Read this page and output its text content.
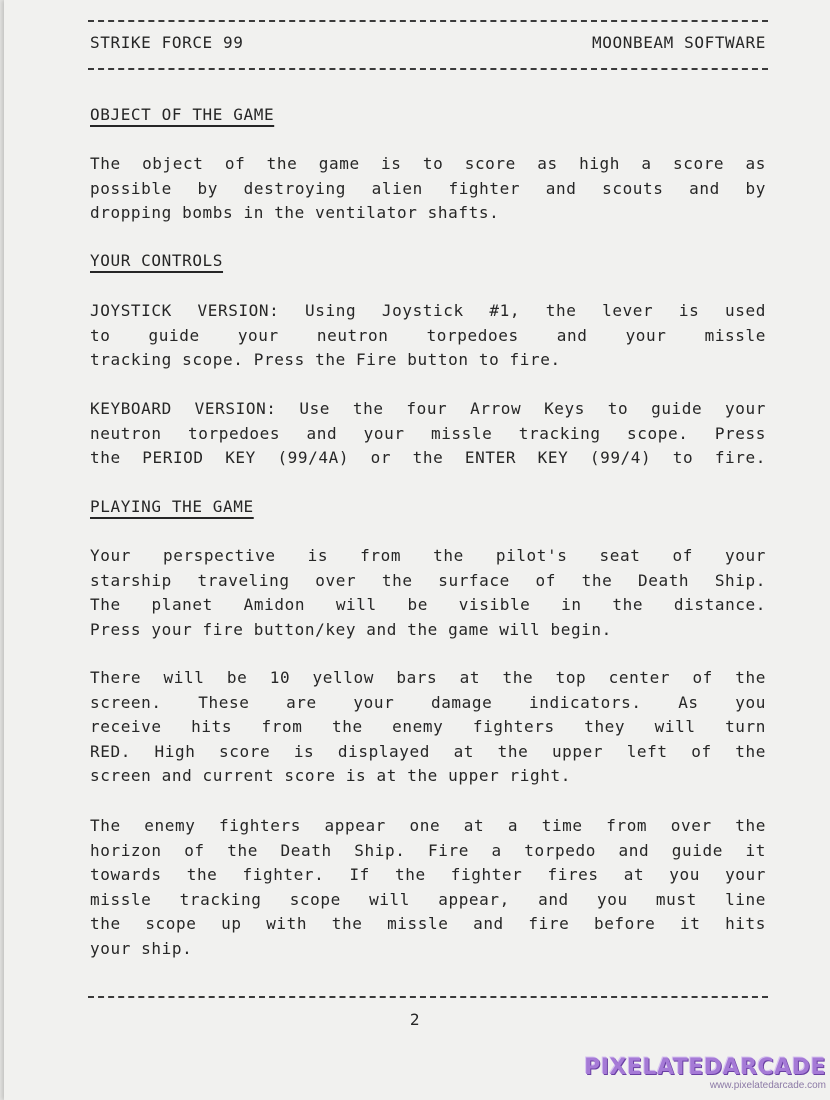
STRIKE FORCE 99	MOONBEAM SOFTWARE
OBJECT OF THE GAME
The object of the game is to score as high a score as
possible by destroying alien fighter and scouts and by
dropping bombs in the ventilator shafts.
YOUR CONTROLS
JOYSTICK VERSION: Using Joystick #1, the lever is used
to guide your neutron torpedoes and your missle
tracking scope. Press the Fire button to fire.
KEYBOARD VERSION: Use the four Arrow Keys to guide your
neutron torpedoes and your missle tracking scope. Press
the PERIOD KEY (99/4A) or the ENTER KEY (99/4) to fire.
PLAYING THE GAME
Your perspective is from the pilot's seat of your
starship traveling over the surface of the Death Ship.
The planet Amidon will be visible in the distance.
Press your fire button/key and the game will begin.
There will be 10 yellow bars at the top center of the
screen. These are your damage indicators. As you
receive hits from the enemy fighters they will turn
RED. High score is displayed at the upper left of the
screen and current score is at the upper right.
The enemy fighters appear one at a time from over the
horizon of the Death Ship. Fire a torpedo and guide it
towards the fighter. If the fighter fires at you your
missle tracking scope will appear, and you must line
the scope up with the missle and fire before it hits
your ship.
2
PIXELATEDARCADE
www.pixelatedarcade.com
